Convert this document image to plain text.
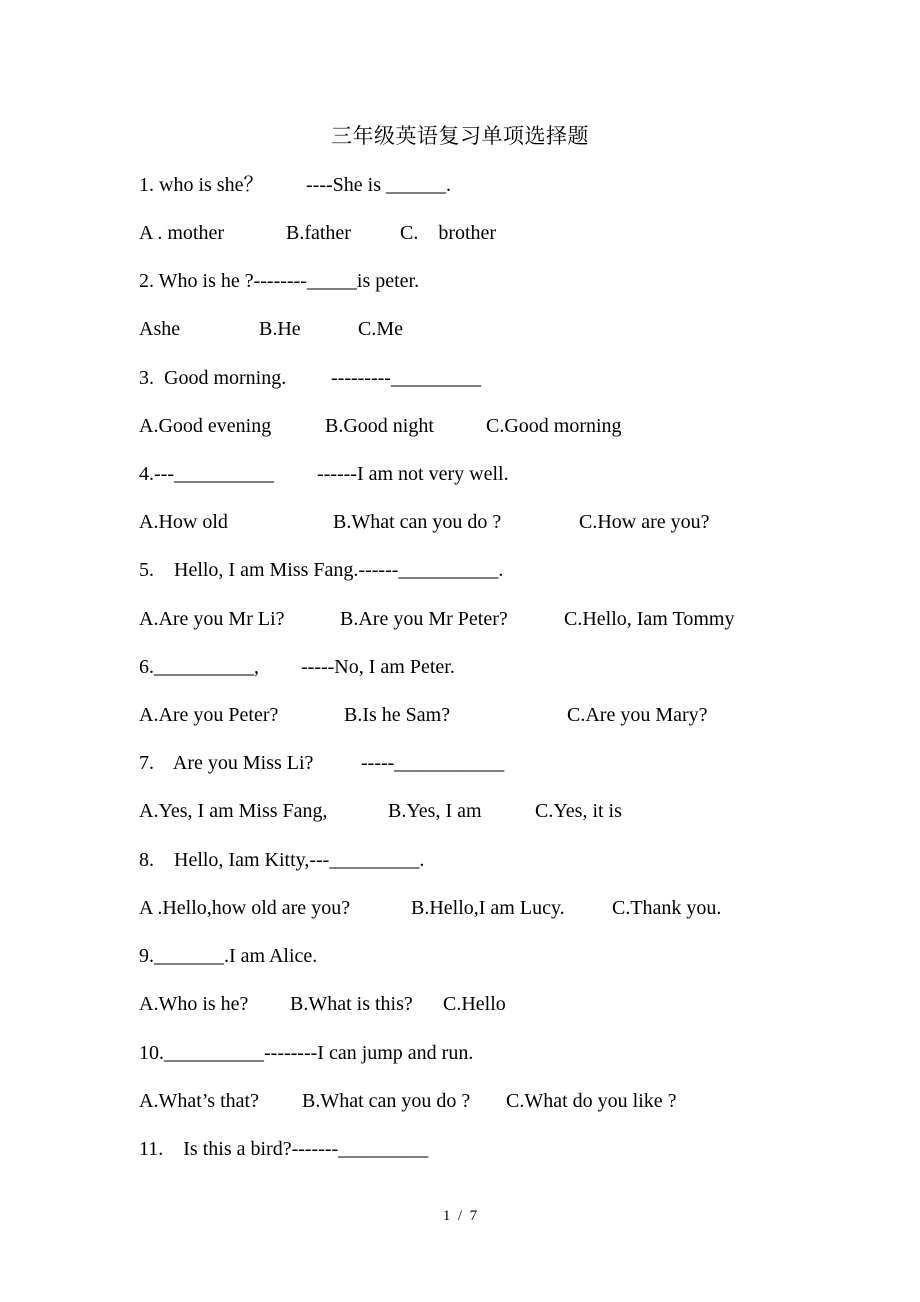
三年级英语复习单项选择题

1. who is she？

----She is ______.

A . mother

	B.father

C.    brother

2. Who is he ?--------_____is peter.

Ashe

	B.He

	C.Me

3.  Good morning.

---------_________

A.Good evening

	B.Good night

	C.Good morning

4.---__________

------I am not very well.

A.How old

	B.What can you do ?

	C.How are you?

5.    Hello, I am Miss Fang.------__________.

A.Are you Mr Li?

	B.Are you Mr Peter?

	C.Hello, Iam Tommy

6.__________,

-----No, I am Peter.

A.Are you Peter?

	B.Is he Sam?

	C.Are you Mary?

7.    Are you Miss Li?

-----___________

A.Yes, I am Miss Fang,

	B.Yes, I am

	C.Yes, it is

8.    Hello, Iam Kitty,---_________.

A .Hello,how old are you?

	B.Hello,I am Lucy.

C.Thank you.

9._______.I am Alice.

A.Who is he?

B.What is this?

C.Hello

10.__________--------I can jump and run.

A.What’s that?

B.What can you do ?

C.What do you like ?

11.    Is this a bird?-------_________

1  /  7
